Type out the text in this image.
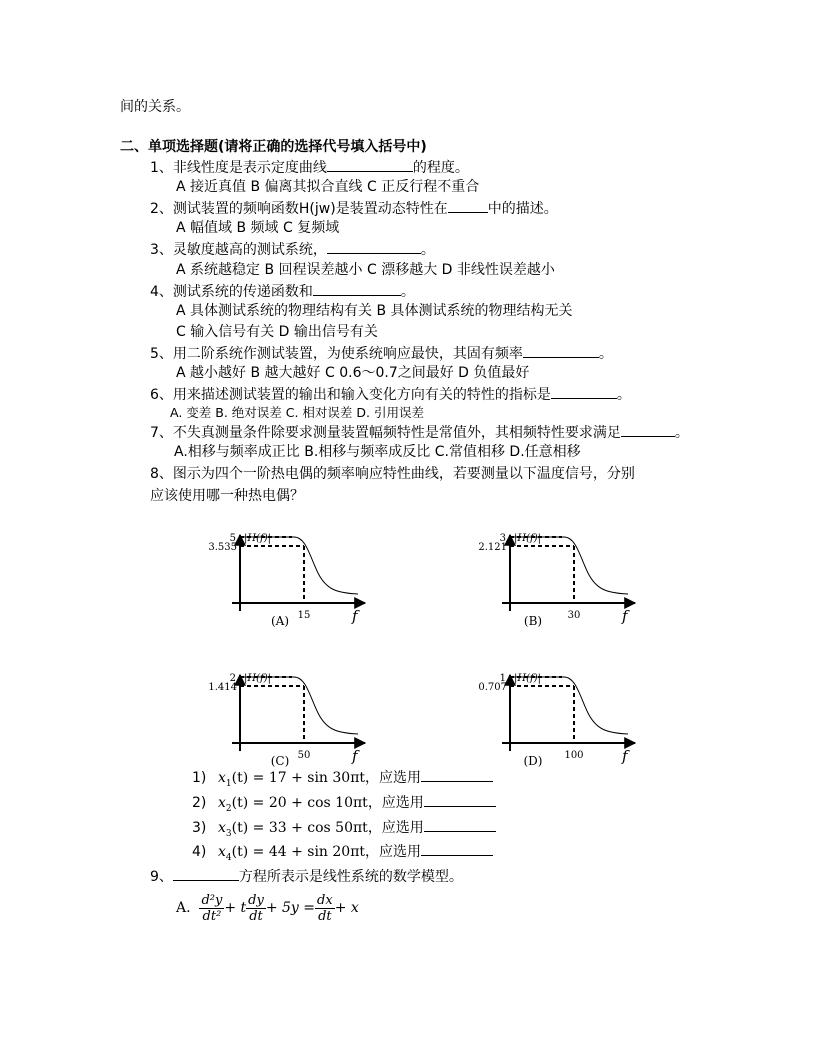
间的关系。
二、单项选择题(请将正确的选择代号填入括号中)
1、非线性度是表示定度曲线	的程度。
A 接近真值 B 偏离其拟合直线 C 正反行程不重合
2、测试装置的频响函数H(jw)是装置动态特性在	中的描述。
A 幅值域 B 频域 C 复频域
3、灵敏度越高的测试系统，	。
A 系统越稳定 B 回程误差越小 C 漂移越大 D 非线性误差越小
4、测试系统的传递函数和	。
A 具体测试系统的物理结构有关 B 具体测试系统的物理结构无关
C 输入信号有关 D 输出信号有关
5、用二阶系统作测试装置，为使系统响应最快，其固有频率	。
A 越小越好 B 越大越好 C 0.6～0.7之间最好 D 负值最好
6、用来描述测试装置的输出和输入变化方向有关的特性的指标是	。
A. 变差 B. 绝对误差 C. 相对误差 D. 引用误差
7、不失真测量条件除要求测量装置幅频特性是常值外，其相频特性要求满足	。
A.相移与频率成正比 B.相移与频率成反比 C.常值相移 D.任意相移
8、图示为四个一阶热电偶的频率响应特性曲线，若要测量以下温度信号，分别
应该使用哪一种热电偶？
|H(f)|
5
3.535
15	f
(A)
|H(f)|
3
2.121
30	f
(B)
|H(f)|
2
1.414
50	f
(C)
|H(f)|
1
0.707
100	f
(D)
1) $x_1(t) = 17 + \sin 30\pi t$，应选用
2) $x_2(t) = 20 + \cos 10\pi t$，应选用
3) $x_3(t) = 33 + \cos 50\pi t$，应选用
4) $x_4(t) = 44 + \sin 20\pi t$，应选用
9、	方程所表示是线性系统的数学模型。
A. $\frac{\text{d²y}}{\text{dt²}} + t \frac{dy}{dt} + 5y = \frac{dx}{dt} + x$
